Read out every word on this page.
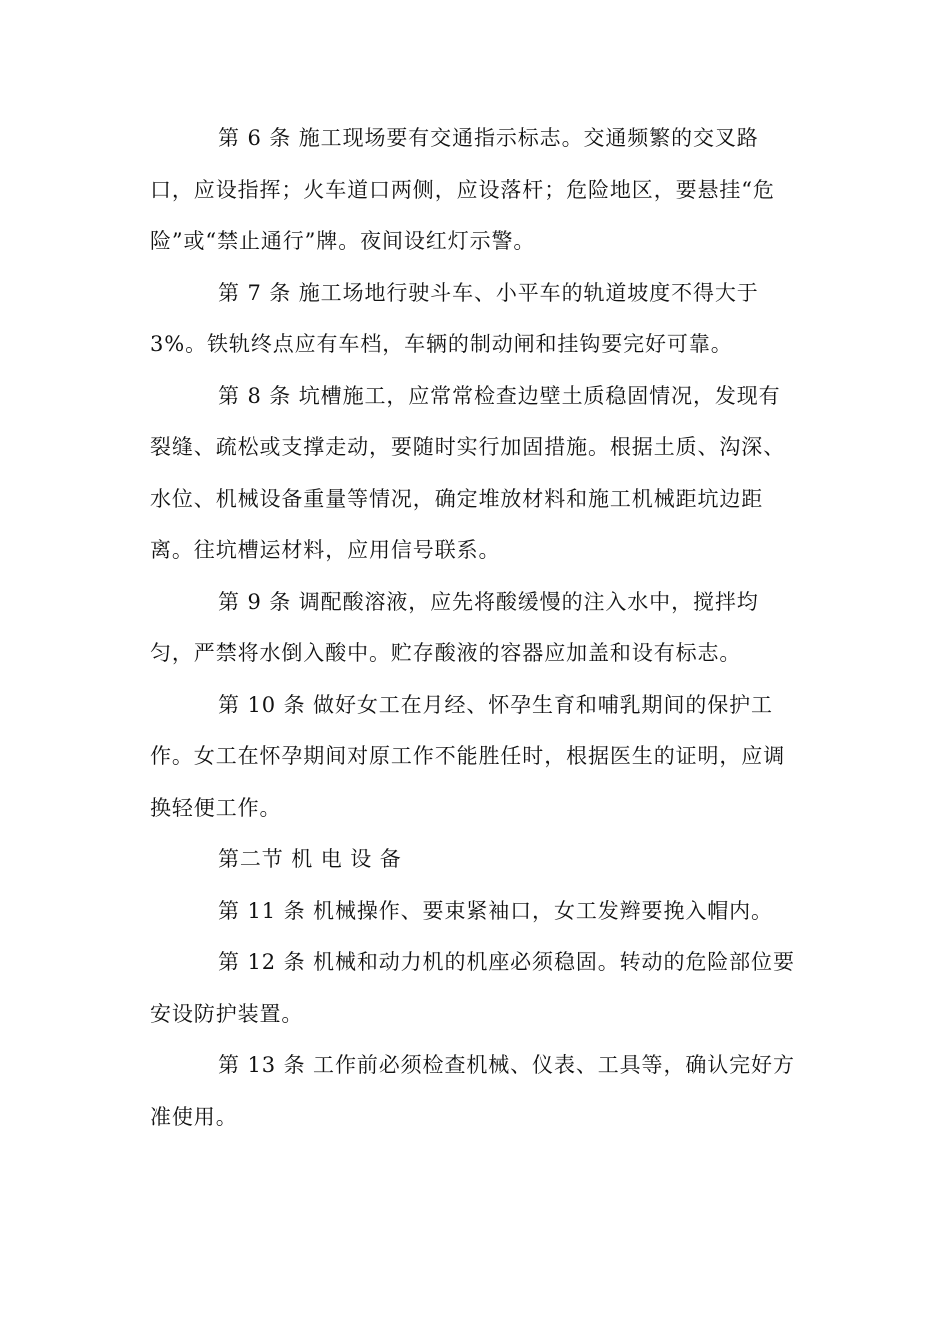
第 6 条 施工现场要有交通指示标志。交通频繁的交叉路
口，应设指挥；火车道口两侧，应设落杆；危险地区，要悬挂“危
险”或“禁止通行”牌。夜间设红灯示警。
第 7 条 施工场地行驶斗车、小平车的轨道坡度不得大于
3%。铁轨终点应有车档，车辆的制动闸和挂钩要完好可靠。
第 8 条 坑槽施工，应常常检查边壁土质稳固情况，发现有
裂缝、疏松或支撑走动，要随时实行加固措施。根据土质、沟深、
水位、机械设备重量等情况，确定堆放材料和施工机械距坑边距
离。往坑槽运材料，应用信号联系。
第 9 条 调配酸溶液，应先将酸缓慢的注入水中，搅拌均
匀，严禁将水倒入酸中。贮存酸液的容器应加盖和设有标志。
第 10 条 做好女工在月经、怀孕生育和哺乳期间的保护工
作。女工在怀孕期间对原工作不能胜任时，根据医生的证明，应调
换轻便工作。
第二节 机 电 设 备
第 11 条 机械操作、要束紧袖口，女工发辫要挽入帽内。
第 12 条 机械和动力机的机座必须稳固。转动的危险部位要
安设防护装置。
第 13 条 工作前必须检查机械、仪表、工具等，确认完好方
准使用。
